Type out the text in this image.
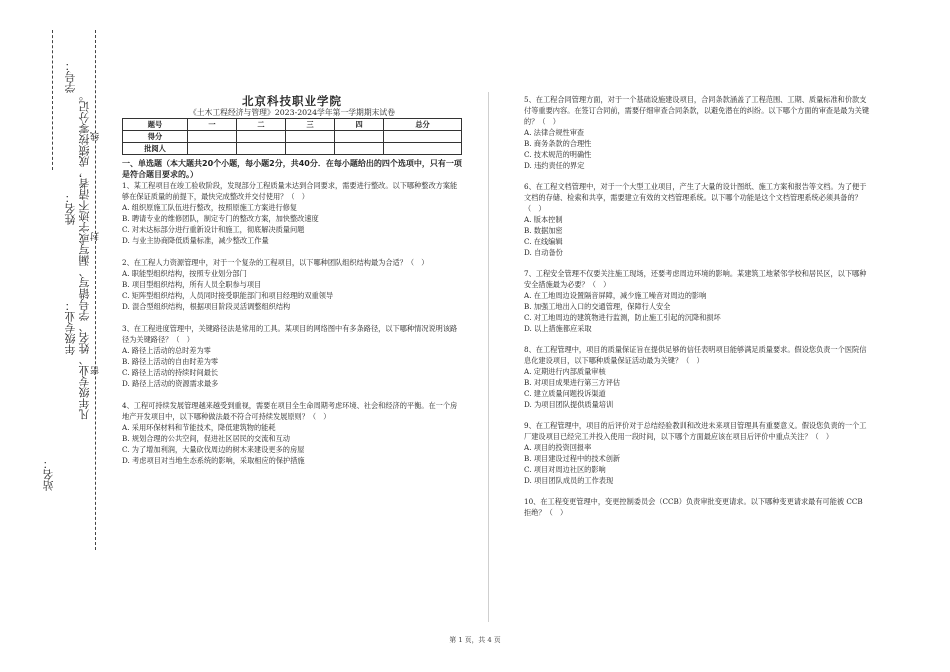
学号：
姓名： 凡年级专业、姓名、学号错写、漏写或字迹不清者，成绩按零分记。 线
封
密
年级专业：
站名：

北京科技职业学院

《土木工程经济与管理》2023-2024学年第一学期期末试卷

题号	一	二	三	四	总分
得分					
批阅人					

一、单选题（本大题共20个小题，每小题2分，共40分．在每小题给出的四个选项中，只有一项是符合题目要求的。）

1、某工程项目在竣工验收阶段，发现部分工程质量未达到合同要求，需要进行整改。以下哪种整改方案能够在保证质量的前提下，最快完成整改并交付使用？（　）

A. 组织原施工队伍进行整改，按照原施工方案进行修复

B. 聘请专业的维修团队，制定专门的整改方案，加快整改速度

C. 对未达标部分进行重新设计和施工，彻底解决质量问题

D. 与业主协商降低质量标准，减少整改工作量

2、在工程人力资源管理中，对于一个复杂的工程项目，以下哪种团队组织结构最为合适？（　）

A. 职能型组织结构，按照专业划分部门

B. 项目型组织结构，所有人员全职参与项目

C. 矩阵型组织结构，人员同时接受职能部门和项目经理的双重领导

D. 混合型组织结构，根据项目阶段灵活调整组织结构

3、在工程进度管理中，关键路径法是常用的工具。某项目的网络图中有多条路径，以下哪种情况说明该路径为关键路径？（　）

A. 路径上活动的总时差为零

B. 路径上活动的自由时差为零

C. 路径上活动的持续时间最长

D. 路径上活动的资源需求最多

4、工程可持续发展管理越来越受到重视，需要在项目全生命周期考虑环境、社会和经济的平衡。在一个房地产开发项目中，以下哪种做法最不符合可持续发展原则？（　）

A. 采用环保材料和节能技术，降低建筑物的能耗

B. 规划合理的公共空间，促进社区居民的交流和互动

C. 为了增加利润，大量砍伐周边的树木来建设更多的房屋

D. 考虑项目对当地生态系统的影响，采取相应的保护措施

5、在工程合同管理方面，对于一个基础设施建设项目，合同条款涵盖了工程范围、工期、质量标准和价款支付等重要内容。在签订合同前，需要仔细审查合同条款，以避免潜在的纠纷。以下哪个方面的审查是最为关键的？（　）

A. 法律合规性审查

B. 商务条款的合理性

C. 技术规范的明确性

D. 违约责任的界定

6、在工程文档管理中，对于一个大型工业项目，产生了大量的设计图纸、施工方案和报告等文档。为了便于文档的存储、检索和共享，需要建立有效的文档管理系统。以下哪个功能是这个文档管理系统必须具备的？（　）

A. 版本控制

B. 数据加密

C. 在线编辑

D. 自动备份

7、工程安全管理不仅要关注施工现场，还要考虑周边环境的影响。某建筑工地紧邻学校和居民区，以下哪种安全措施最为必要？（　）

A. 在工地周边设置隔音屏障，减少施工噪音对周边的影响

B. 加强工地出入口的交通管理，保障行人安全

C. 对工地周边的建筑物进行监测，防止施工引起的沉降和损坏

D. 以上措施都应采取

8、在工程管理中，项目的质量保证旨在提供足够的信任表明项目能够满足质量要求。假设您负责一个医院信息化建设项目，以下哪种质量保证活动最为关键？（　）

A. 定期进行内部质量审核

B. 对项目成果进行第三方评估

C. 建立质量问题投诉渠道

D. 为项目团队提供质量培训

9、在工程管理中，项目的后评价对于总结经验教训和改进未来项目管理具有重要意义。假设您负责的一个工厂建设项目已经完工并投入使用一段时间，以下哪个方面最应该在项目后评价中重点关注？（　）

A. 项目的投资回报率

B. 项目建设过程中的技术创新

C. 项目对周边社区的影响

D. 项目团队成员的工作表现

10、在工程变更管理中，变更控制委员会（CCB）负责审批变更请求。以下哪种变更请求最有可能被 CCB 拒绝？（　）

第 1 页，共 4 页
